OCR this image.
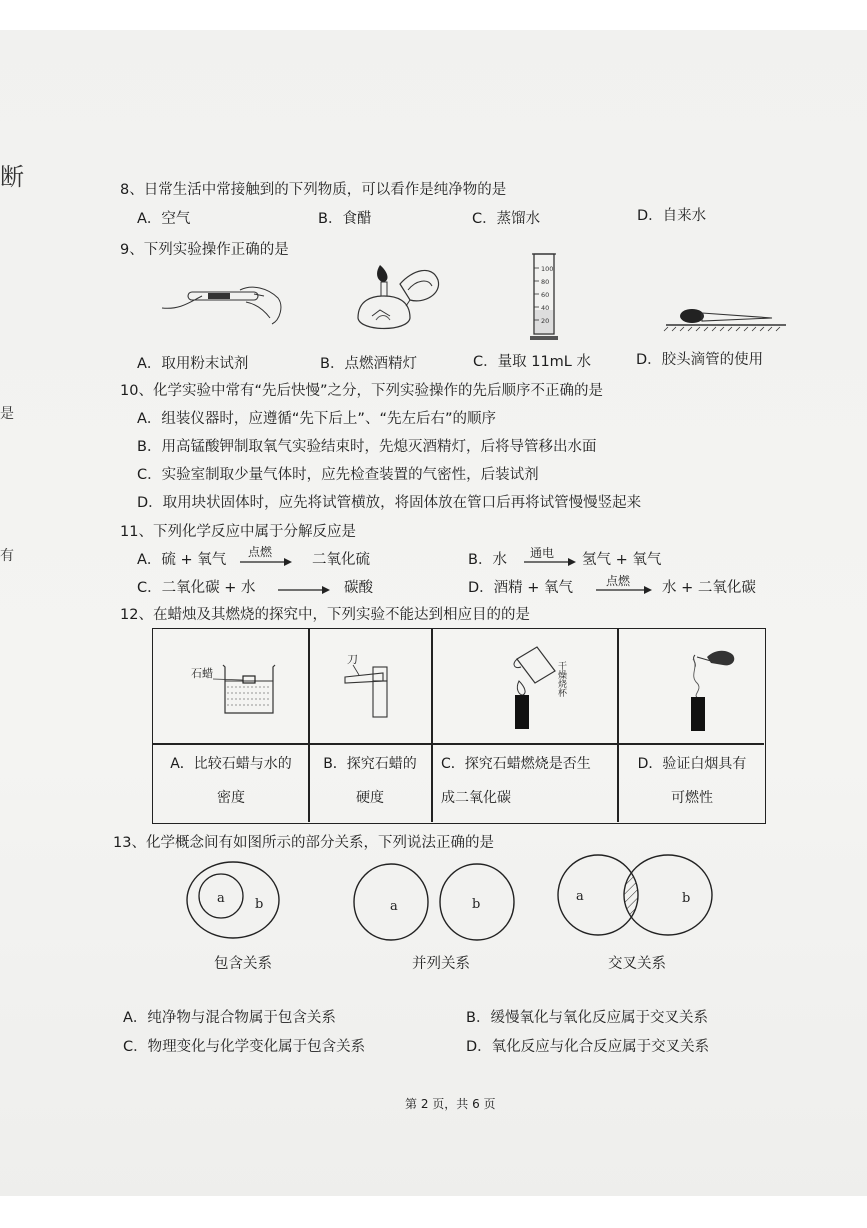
断
是
有
8、日常生活中常接触到的下列物质，可以看作是纯净物的是
A．空气	B．食醋	C．蒸馏水	D．自来水
9、下列实验操作正确的是
100
80
60
40
20
A．取用粉末试剂	B．点燃酒精灯	C．量取 11mL 水	D．胶头滴管的使用
10、化学实验中常有“先后快慢”之分，下列实验操作的先后顺序不正确的是
A．组装仪器时，应遵循“先下后上”、“先左后右”的顺序
B．用高锰酸钾制取氧气实验结束时，先熄灭酒精灯，后将导管移出水面
C．实验室制取少量气体时，应先检查装置的气密性，后装试剂
D．取用块状固体时，应先将试管横放，将固体放在管口后再将试管慢慢竖起来
11、下列化学反应中属于分解反应是
A．硫 + 氧气 点燃	二氧化硫	B．水 通电 氢气 + 氧气
C．二氧化碳 + 水	碳酸	D．酒精 + 氧气	点燃 水 + 二氧化碳
12、在蜡烛及其燃烧的探究中，下列实验不能达到相应目的的是
石蜡
刀
干燥烧杯
A．比较石蜡与水的
密度
B．探究石蜡的
硬度
C．探究石蜡燃烧是否生
成二氧化碳
D．验证白烟具有
可燃性
13、化学概念间有如图所示的部分关系，下列说法正确的是
a b
包含关系
a	b
并列关系
a	b
交叉关系
A．纯净物与混合物属于包含关系	B．缓慢氧化与氧化反应属于交叉关系
C．物理变化与化学变化属于包含关系	D．氧化反应与化合反应属于交叉关系
第 2 页，共 6 页
